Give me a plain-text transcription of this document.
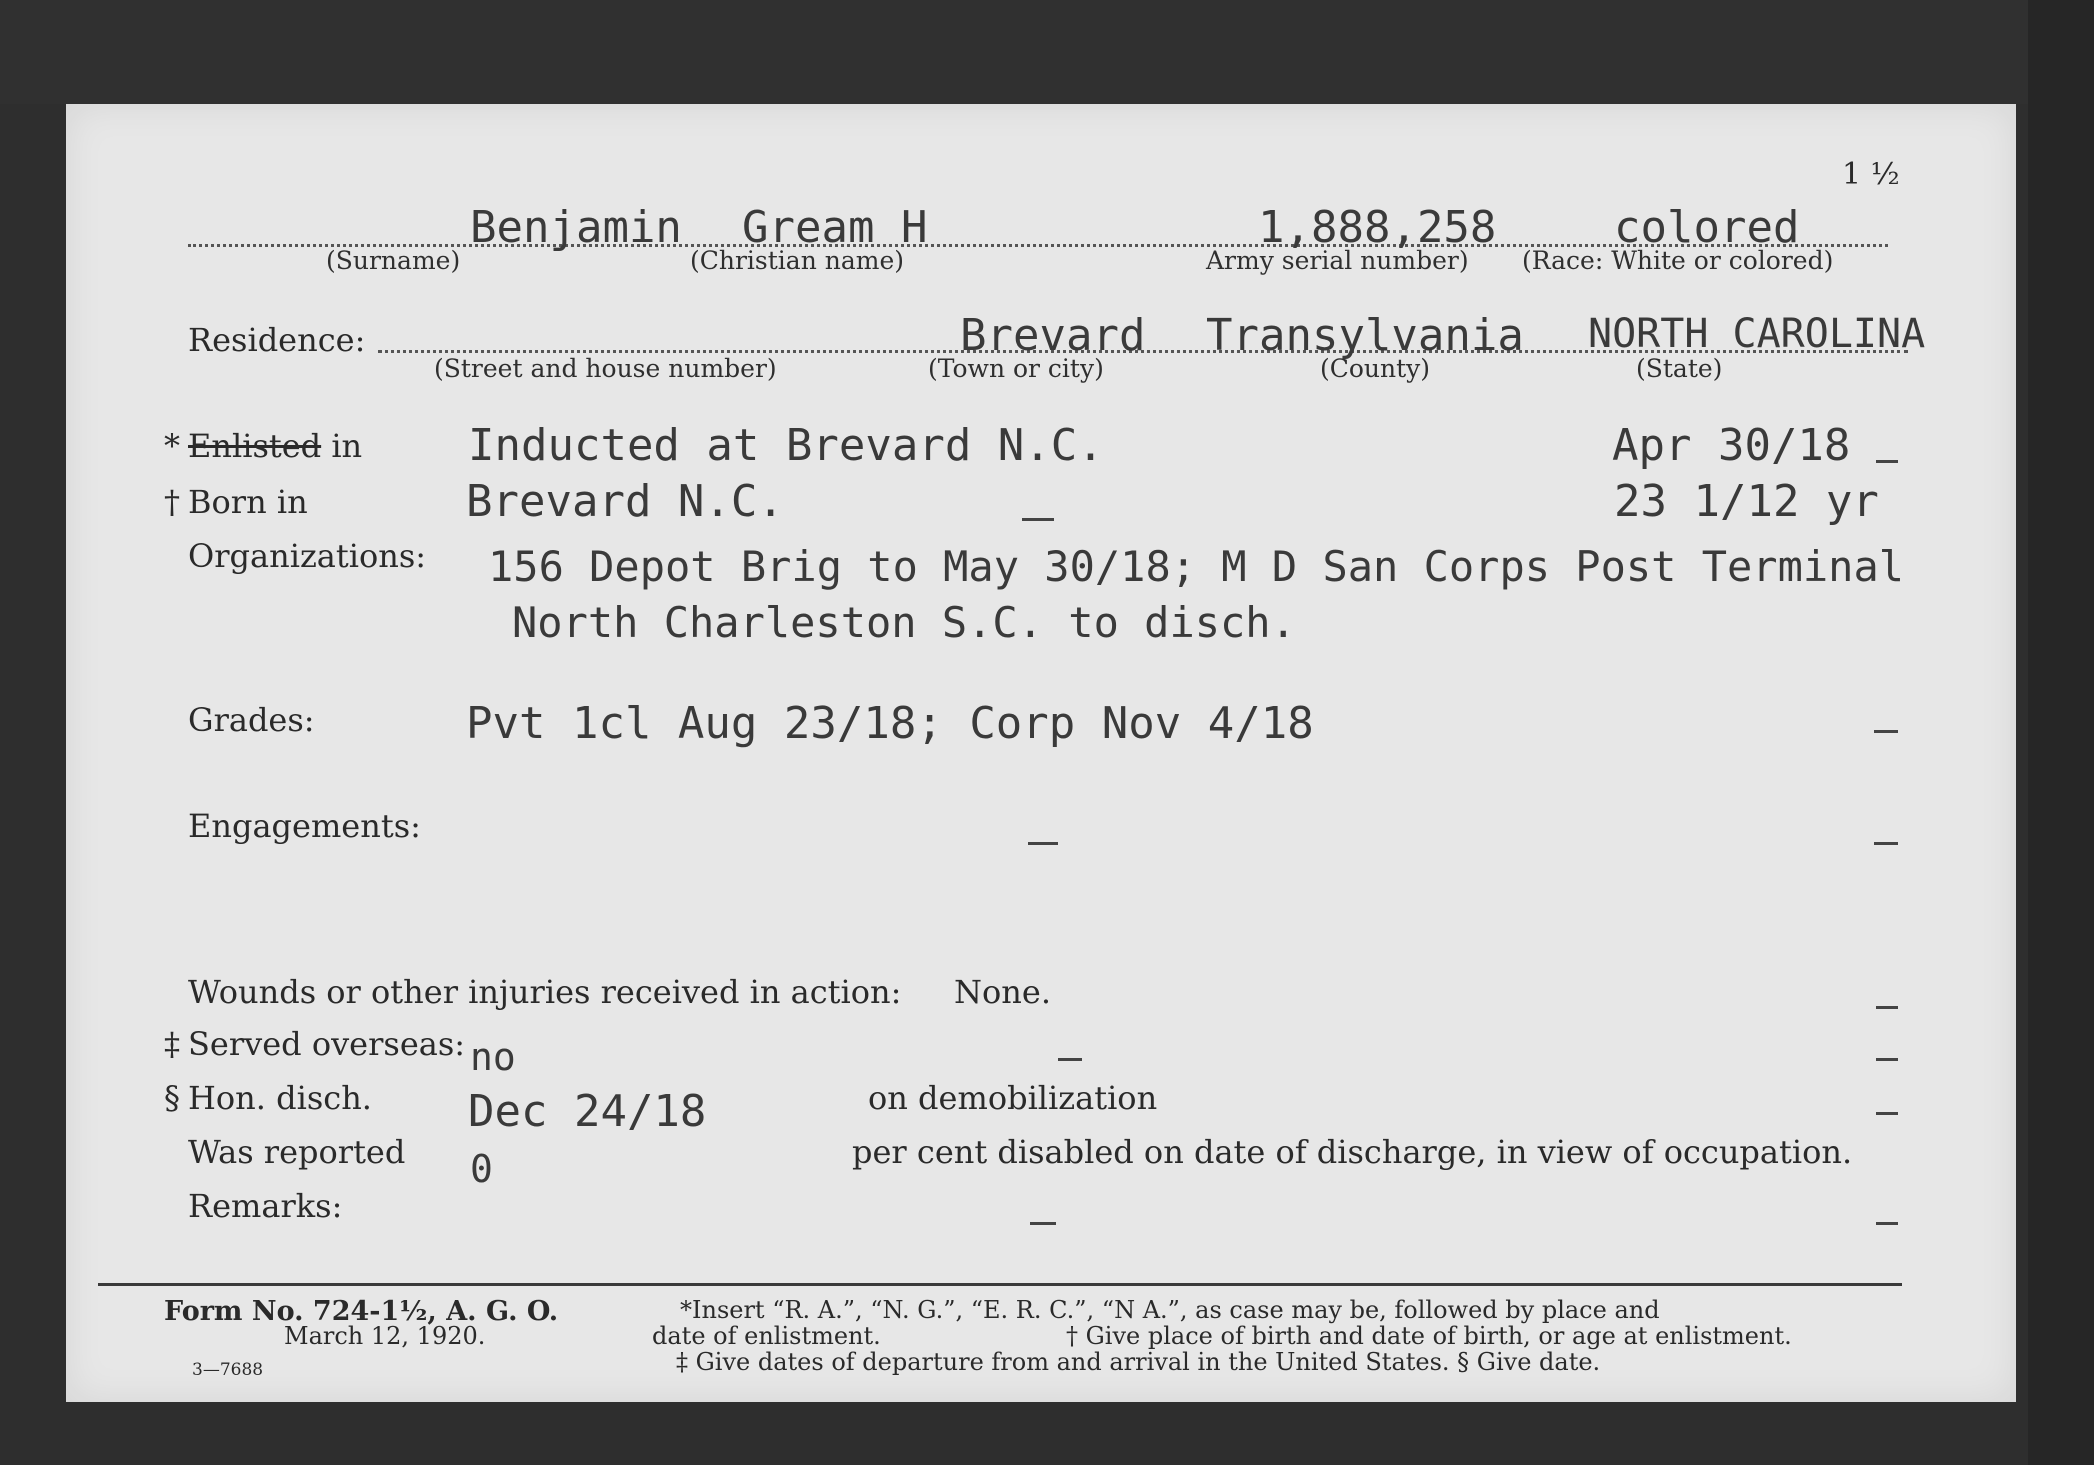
1 ½
Benjamin Gream H	1,888,258	colored
(Surname)	(Christian name)	Army serial number) (Race: White or colored)
Residence:	Brevard Transylvania NORTH CAROLINA
(Street and house number)	(Town or city)	(County)	(State)
* Enlisted in Inducted at Brevard N.C.	Apr 30/18
† Born in	Brevard N.C.	23 1/12 yr
Organizations: 156 Depot Brig to May 30/18; M D San Corps Post Terminal
North Charleston S.C. to disch.
Grades:	Pvt 1cl Aug 23/18; Corp Nov 4/18
Engagements:
Wounds or other injuries received in action: None.
‡ Served overseas: no
§ Hon. disch. Dec 24/18	on demobilization
Was reported 0	per cent disabled on date of discharge, in view of occupation.
Remarks:
Form No. 724-1½, A. G. O.
March 12, 1920.
3—7688
*Insert “R. A.”, “N. G.”, “E. R. C.”, “N A.”, as case may be, followed by place and
date of enlistment.	† Give place of birth and date of birth, or age at enlistment.
‡ Give dates of departure from and arrival in the United States. § Give date.
